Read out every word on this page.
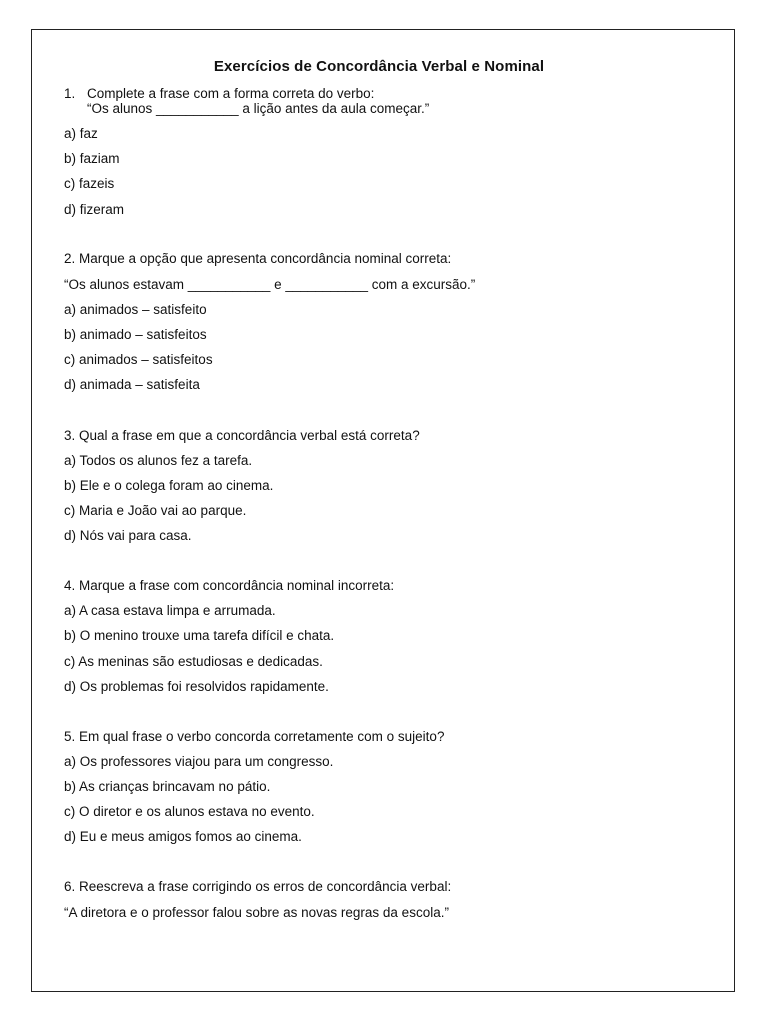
Exercícios de Concordância Verbal e Nominal
1. Complete a frase com a forma correta do verbo:
“Os alunos ___________ a lição antes da aula começar.”
a) faz
b) faziam
c) fazeis
d) fizeram
2. Marque a opção que apresenta concordância nominal correta:
“Os alunos estavam ___________ e ___________ com a excursão.”
a) animados – satisfeito
b) animado – satisfeitos
c) animados – satisfeitos
d) animada – satisfeita
3. Qual a frase em que a concordância verbal está correta?
a) Todos os alunos fez a tarefa.
b) Ele e o colega foram ao cinema.
c) Maria e João vai ao parque.
d) Nós vai para casa.
4. Marque a frase com concordância nominal incorreta:
a) A casa estava limpa e arrumada.
b) O menino trouxe uma tarefa difícil e chata.
c) As meninas são estudiosas e dedicadas.
d) Os problemas foi resolvidos rapidamente.
5. Em qual frase o verbo concorda corretamente com o sujeito?
a) Os professores viajou para um congresso.
b) As crianças brincavam no pátio.
c) O diretor e os alunos estava no evento.
d) Eu e meus amigos fomos ao cinema.
6. Reescreva a frase corrigindo os erros de concordância verbal:
“A diretora e o professor falou sobre as novas regras da escola.”
